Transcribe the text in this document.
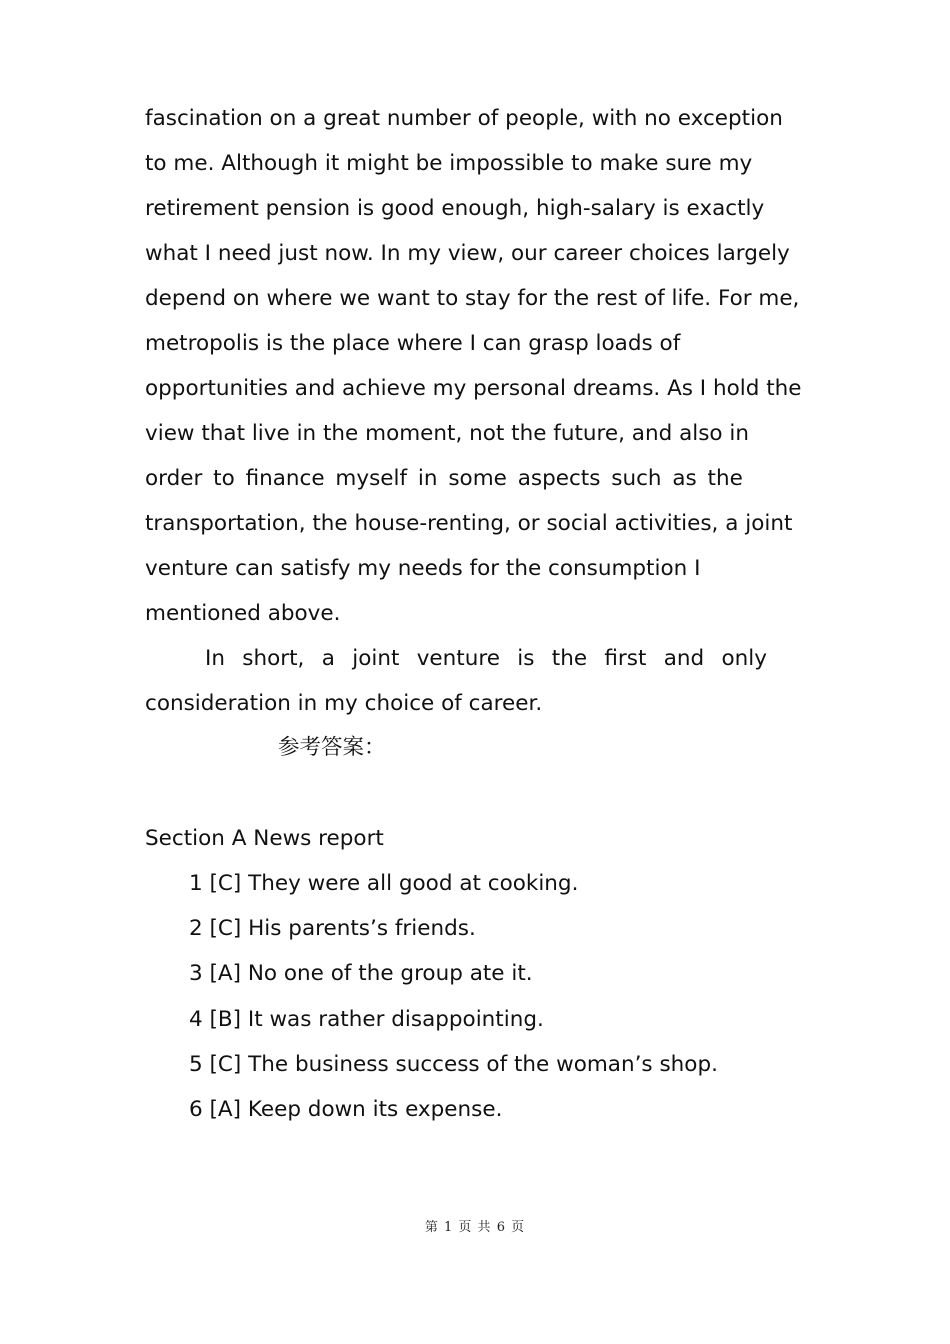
fascination on a great number of people, with no exception
to me. Although it might be impossible to make sure my
retirement pension is good enough, high-salary is exactly
what I need just now. In my view, our career choices largely
depend on where we want to stay for the rest of life. For me,
metropolis is the place where I can grasp loads of
opportunities and achieve my personal dreams. As I hold the
view that live in the moment, not the future, and also in
order to finance myself in some aspects such as the
transportation, the house-renting, or social activities, a joint
venture can satisfy my needs for the consumption I
mentioned above.
In short, a joint venture is the first and only
consideration in my choice of career.
参考答案：
Section A News report
1 [C] They were all good at cooking.
2 [C] His parents’s friends.
3 [A] No one of the group ate it.
4 [B] It was rather disappointing.
5 [C] The business success of the woman’s shop.
6 [A] Keep down its expense.
第 1 页 共 6 页
